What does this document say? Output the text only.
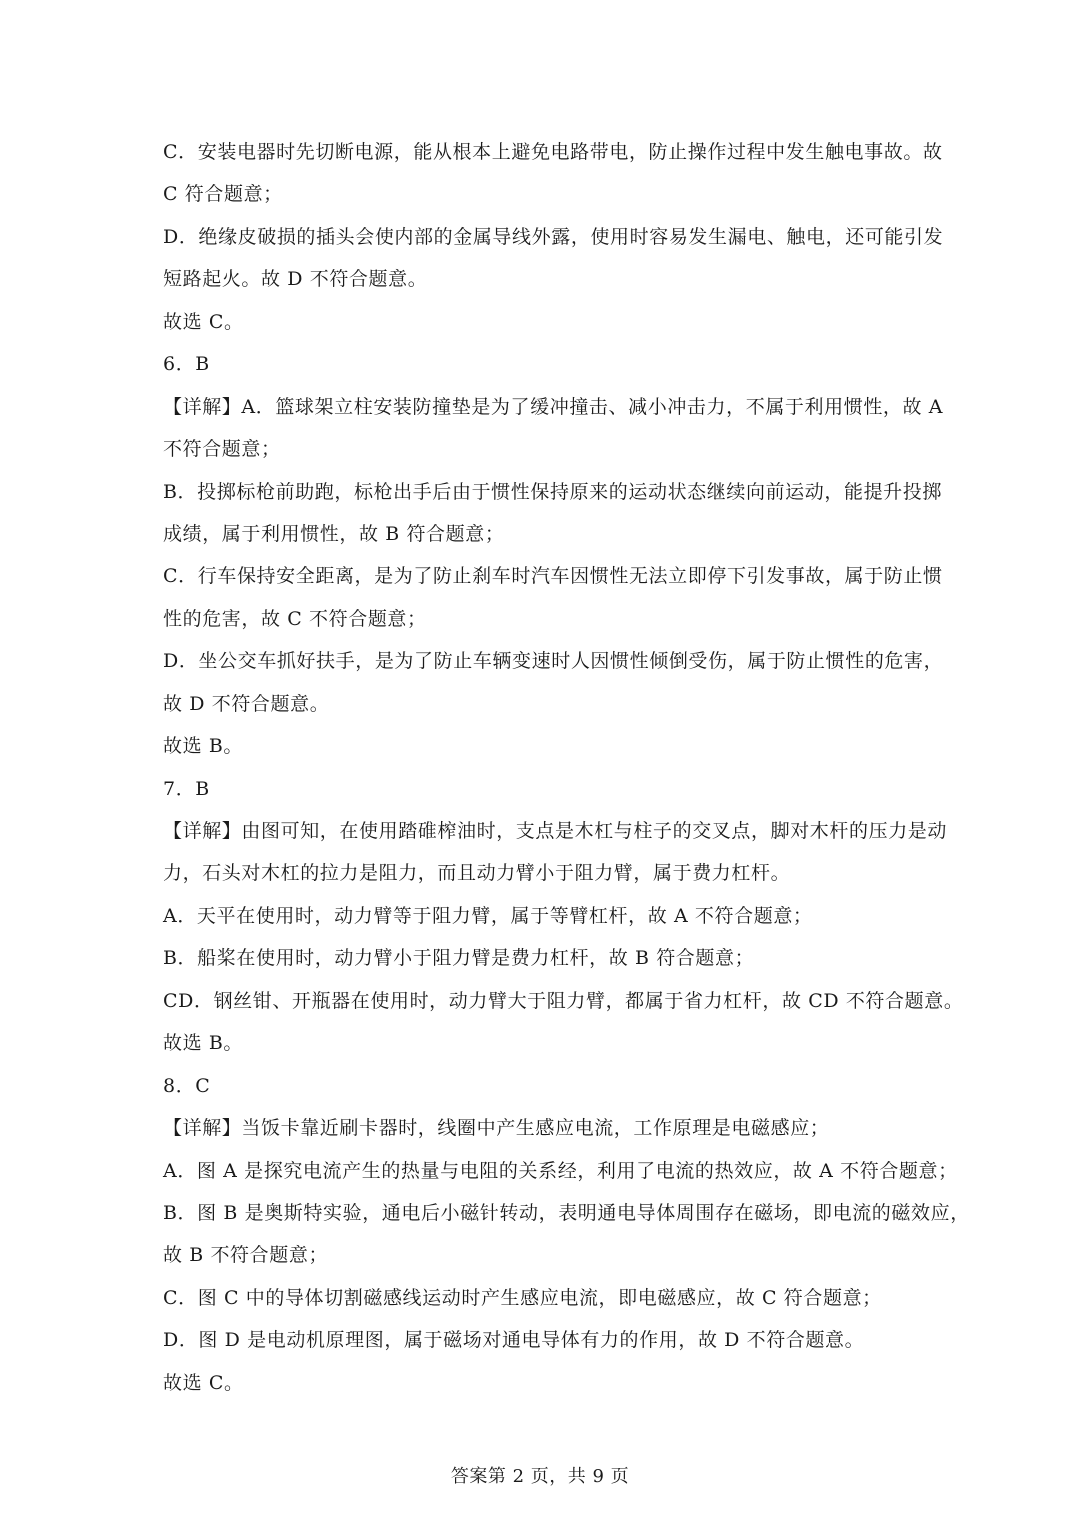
C．安装电器时先切断电源，能从根本上避免电路带电，防止操作过程中发生触电事故。故
C 符合题意；
D．绝缘皮破损的插头会使内部的金属导线外露，使用时容易发生漏电、触电，还可能引发
短路起火。故 D 不符合题意。
故选 C。
6．B
【详解】A．篮球架立柱安装防撞垫是为了缓冲撞击、减小冲击力，不属于利用惯性，故 A
不符合题意；
B．投掷标枪前助跑，标枪出手后由于惯性保持原来的运动状态继续向前运动，能提升投掷
成绩，属于利用惯性，故 B 符合题意；
C．行车保持安全距离，是为了防止刹车时汽车因惯性无法立即停下引发事故，属于防止惯
性的危害，故 C 不符合题意；
D．坐公交车抓好扶手，是为了防止车辆变速时人因惯性倾倒受伤，属于防止惯性的危害，
故 D 不符合题意。
故选 B。
7．B
【详解】由图可知，在使用踏碓榨油时，支点是木杠与柱子的交叉点，脚对木杆的压力是动
力，石头对木杠的拉力是阻力，而且动力臂小于阻力臂，属于费力杠杆。
A．天平在使用时，动力臂等于阻力臂，属于等臂杠杆，故 A 不符合题意；
B．船桨在使用时，动力臂小于阻力臂是费力杠杆，故 B 符合题意；
CD．钢丝钳、开瓶器在使用时，动力臂大于阻力臂，都属于省力杠杆，故 CD 不符合题意。
故选 B。
8．C
【详解】当饭卡靠近刷卡器时，线圈中产生感应电流，工作原理是电磁感应；
A．图 A 是探究电流产生的热量与电阻的关系经，利用了电流的热效应，故 A 不符合题意；
B．图 B 是奥斯特实验，通电后小磁针转动，表明通电导体周围存在磁场，即电流的磁效应，
故 B 不符合题意；
C．图 C 中的导体切割磁感线运动时产生感应电流，即电磁感应，故 C 符合题意；
D．图 D 是电动机原理图，属于磁场对通电导体有力的作用，故 D 不符合题意。
故选 C。
答案第 2 页，共 9 页
